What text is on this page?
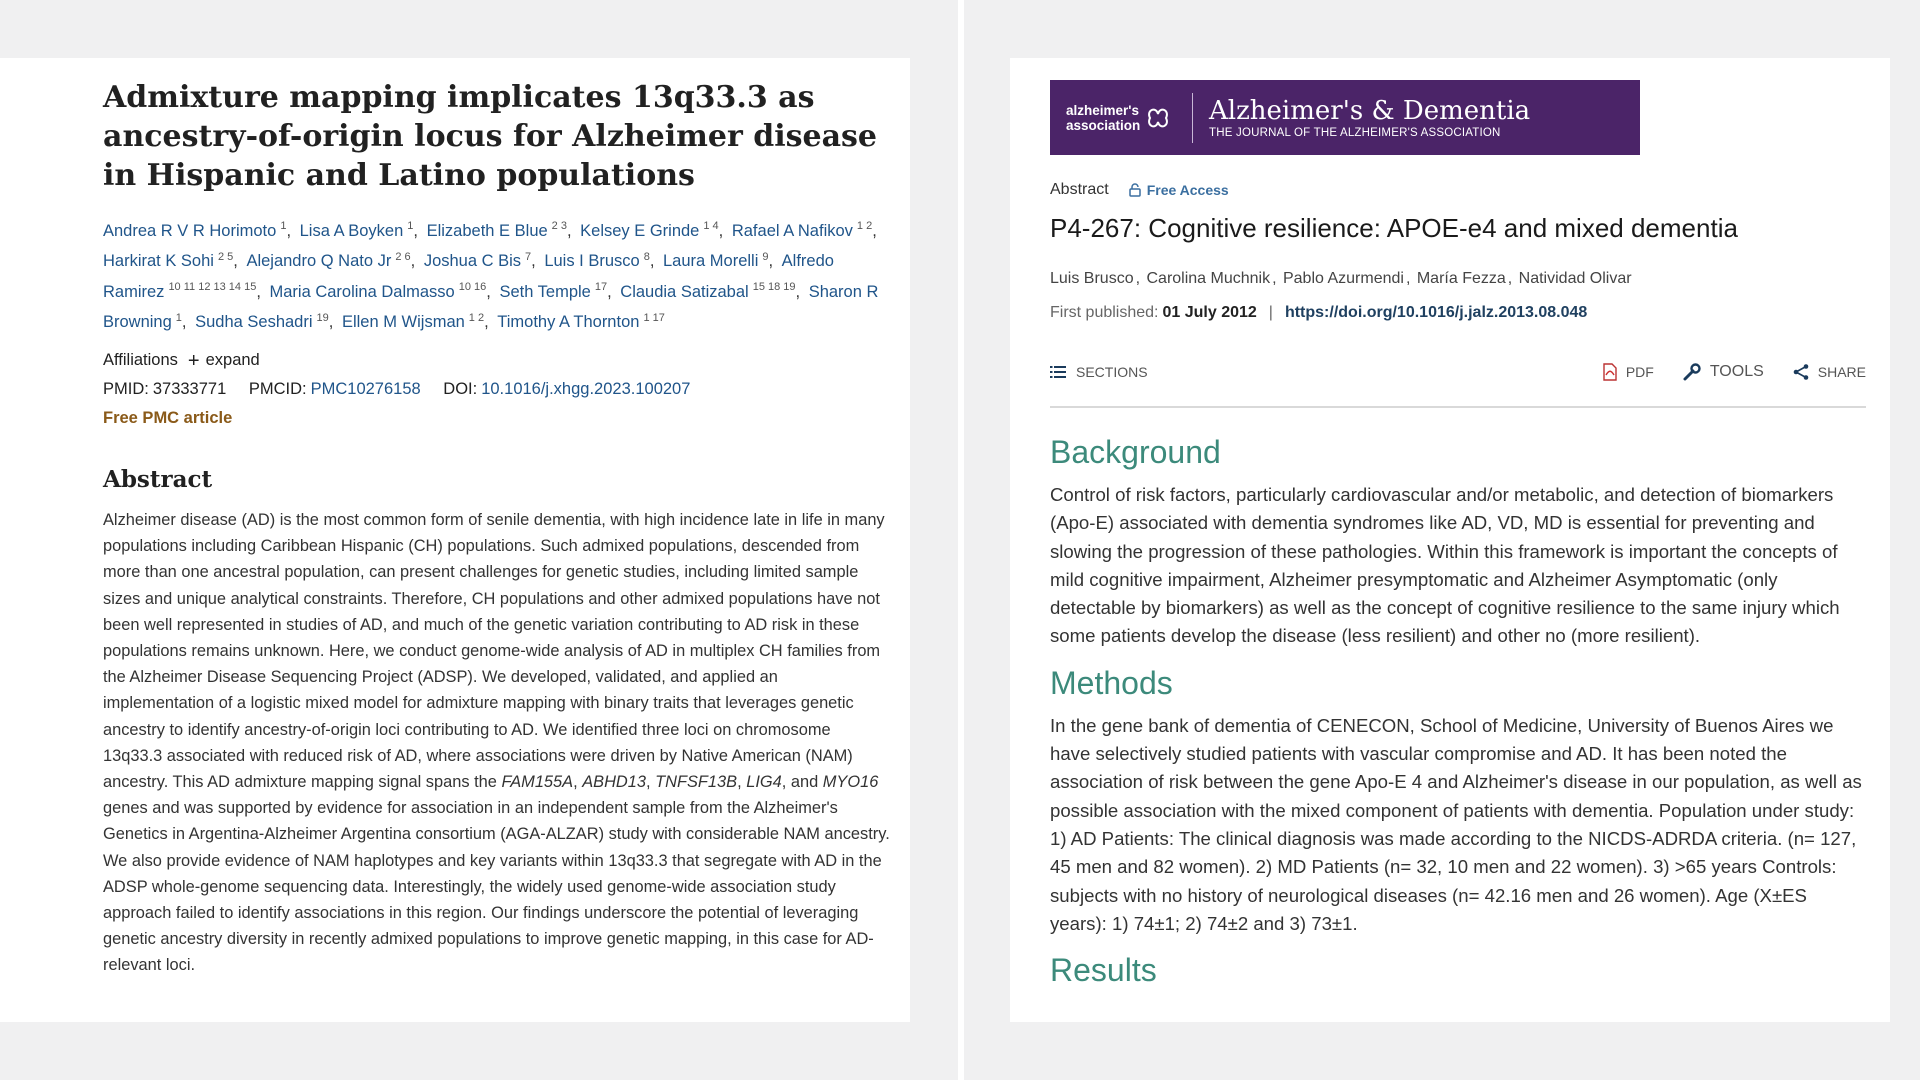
Admixture mapping implicates 13q33.3 as ancestry-of-origin locus for Alzheimer disease in Hispanic and Latino populations
Andrea R V R Horimoto $^1$, Lisa A Boyken $^1$, Elizabeth E Blue $^{2 3}$, Kelsey E Grinde $^{1 4}$, Rafael A Nafikov $^{1 2}$, Harkirat K Sohi $^{2 5}$, Alejandro Q Nato Jr $^{2 6}$, Joshua C Bis $^7$, Luis I Brusco $^8$, Laura Morelli $^9$, Alfredo Ramirez $^{10 11 12 13 14 15}$, Maria Carolina Dalmasso $^{10 16}$, Seth Temple $^{17}$, Claudia Satizabal $^{15 18 19}$, Sharon R Browning $^1$, Sudha Seshadri $^{19}$, Ellen M Wijsman $^{1 2}$, Timothy A Thornton $^{1 17}$
Affiliations + expand
PMID: 37333771 PMCID: PMC10276158 DOI: 10.1016/j.xhgg.2023.100207
Free PMC article
Abstract

Alzheimer disease (AD) is the most common form of senile dementia, with high incidence late in life in many populations including Caribbean Hispanic (CH) populations. Such admixed populations, descended from more than one ancestral population, can present challenges for genetic studies, including limited sample sizes and unique analytical constraints. Therefore, CH populations and other admixed populations have not been well represented in studies of AD, and much of the genetic variation contributing to AD risk in these populations remains unknown. Here, we conduct genome-wide analysis of AD in multiplex CH families from the Alzheimer Disease Sequencing Project (ADSP). We developed, validated, and applied an implementation of a logistic mixed model for admixture mapping with binary traits that leverages genetic ancestry to identify ancestry-of-origin loci contributing to AD. We identified three loci on chromosome 13q33.3 associated with reduced risk of AD, where associations were driven by Native American (NAM) ancestry. This AD admixture mapping signal spans the FAM155A, ABHD13, TNFSF13B, LIG4, and MYO16 genes and was supported by evidence for association in an independent sample from the Alzheimer's Genetics in Argentina-Alzheimer Argentina consortium (AGA-ALZAR) study with considerable NAM ancestry. We also provide evidence of NAM haplotypes and key variants within 13q33.3 that segregate with AD in the ADSP whole-genome sequencing data. Interestingly, the widely used genome-wide association study approach failed to identify associations in this region. Our findings underscore the potential of leveraging genetic ancestry diversity in recently admixed populations to improve genetic mapping, in this case for AD-relevant loci.

alzheimer's
association	Alzheimer's & Dementia
THE JOURNAL OF THE ALZHEIMER'S ASSOCIATION
Abstract	Free Access
P4-267: Cognitive resilience: APOE-e4 and mixed dementia
Luis Brusco , Carolina Muchnik , Pablo Azurmendi , María Fezza , Natividad Olivar
First published: 01 July 2012 | https://doi.org/10.1016/j.jalz.2013.08.048
SECTIONS	PDF	TOOLS	SHARE
Background

Control of risk factors, particularly cardiovascular and/or metabolic, and detection of biomarkers (Apo-E) associated with dementia syndromes like AD, VD, MD is essential for preventing and slowing the progression of these pathologies. Within this framework is important the concepts of mild cognitive impairment, Alzheimer presymptomatic and Alzheimer Asymptomatic (only detectable by biomarkers) as well as the concept of cognitive resilience to the same injury which some patients develop the disease (less resilient) and other no (more resilient).

Methods

In the gene bank of dementia of CENECON, School of Medicine, University of Buenos Aires we have selectively studied patients with vascular compromise and AD. It has been noted the association of risk between the gene Apo-E 4 and Alzheimer's disease in our population, as well as possible association with the mixed component of patients with dementia. Population under study: 1) AD Patients: The clinical diagnosis was made according to the NICDS-ADRDA criteria. (n= 127, 45 men and 82 women). 2) MD Patients (n= 32, 10 men and 22 women). 3) >65 years Controls: subjects with no history of neurological diseases (n= 42.16 men and 26 women). Age (X±ES years): 1) 74±1; 2) 74±2 and 3) 73±1.

Results
